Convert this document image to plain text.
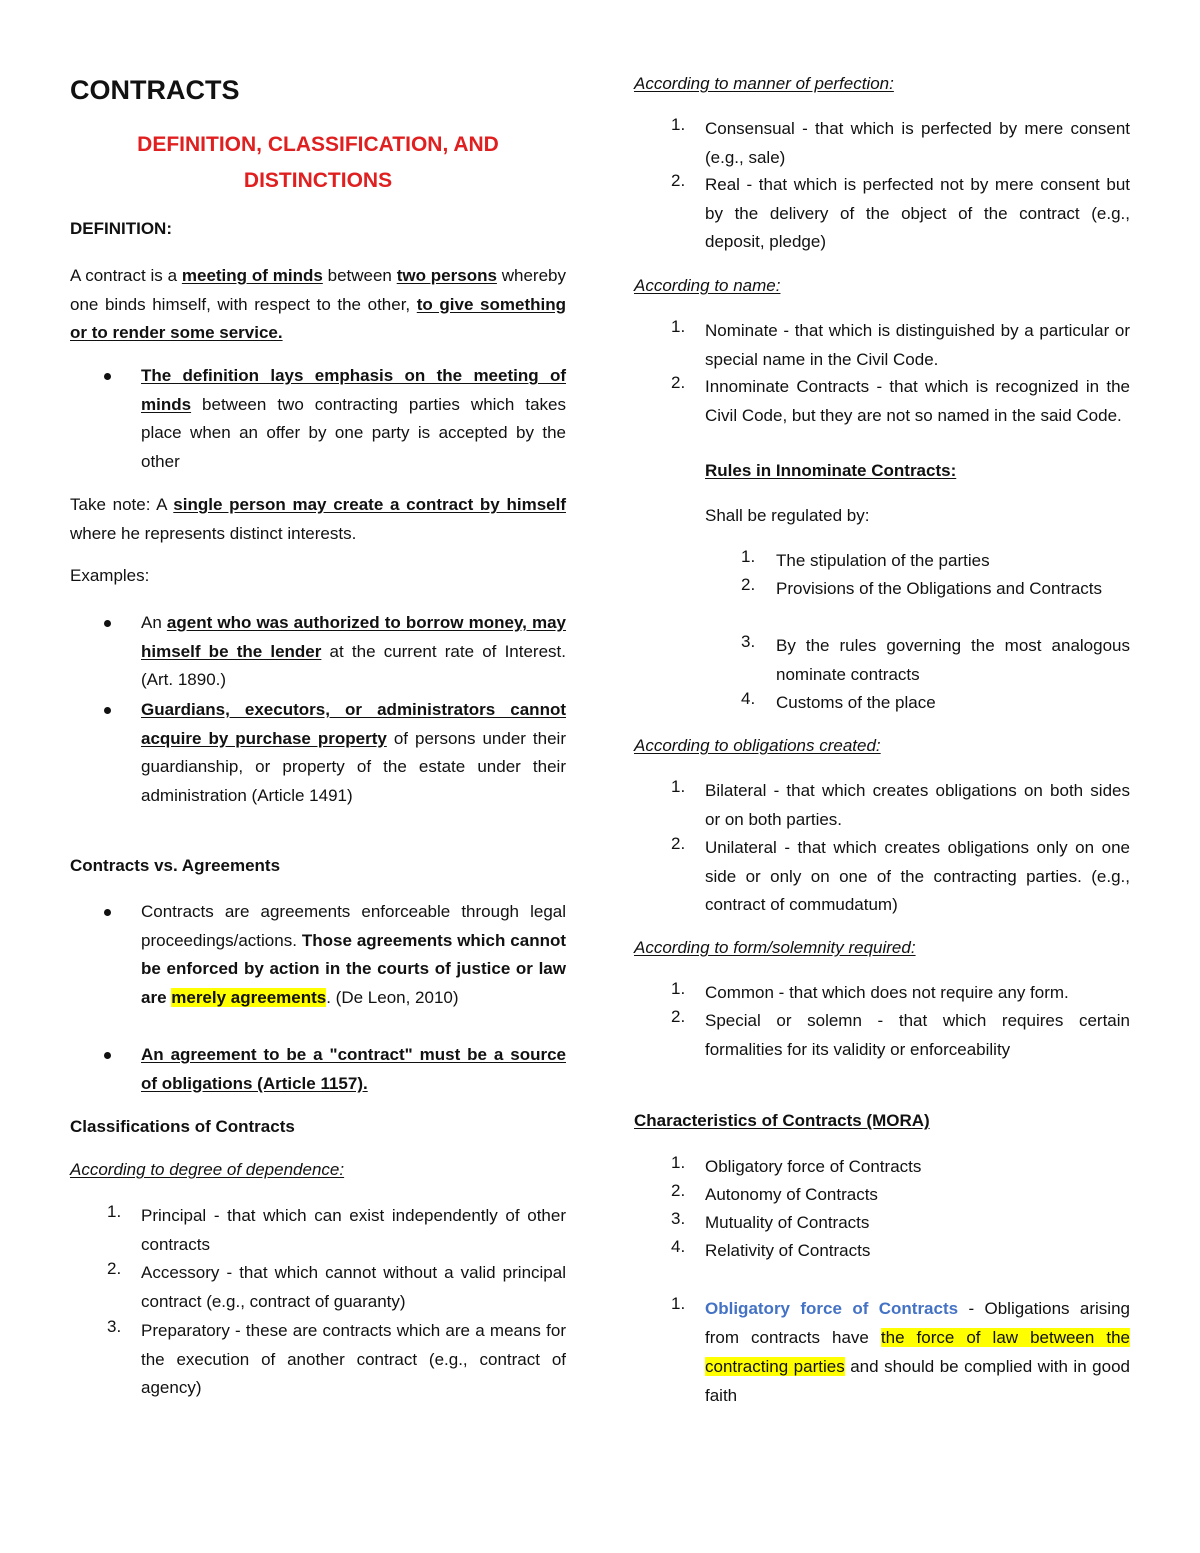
CONTRACTS
DEFINITION, CLASSIFICATION, AND
DISTINCTIONS
DEFINITION:

A contract is a meeting of minds between two persons whereby one binds himself, with respect to the other, to give something or to render some service.

The definition lays emphasis on the meeting of minds between two contracting parties which takes place when an offer by one party is accepted by the other

Take note: A single person may create a contract by himself where he represents distinct interests.

Examples:

An agent who was authorized to borrow money, may himself be the lender at the current rate of Interest. (Art. 1890.)

Guardians, executors, or administrators cannot acquire by purchase property of persons under their guardianship, or property of the estate under their administration (Article 1491)

Contracts vs. Agreements

Contracts are agreements enforceable through legal proceedings/actions. Those agreements which cannot be enforced by action in the courts of justice or law are merely agreements. (De Leon, 2010)

An agreement to be a "contract" must be a source of obligations (Article 1157).

Classifications of Contracts
According to degree of dependence:
1. Principal - that which can exist independently of other contracts

2. Accessory - that which cannot without a valid principal contract (e.g., contract of guaranty)

3. Preparatory - these are contracts which are a means for the execution of another contract (e.g., contract of agency)

According to manner of perfection:
1. Consensual - that which is perfected by mere consent (e.g., sale)

2. Real - that which is perfected not by mere consent but by the delivery of the object of the contract (e.g., deposit, pledge)

According to name:
1. Nominate - that which is distinguished by a particular or special name in the Civil Code.

2. Innominate Contracts - that which is recognized in the Civil Code, but they are not so named in the said Code.

Rules in Innominate Contracts:
Shall be regulated by:
1. The stipulation of the parties

2. Provisions of the Obligations and Contracts

3. By the rules governing the most analogous nominate contracts

4. Customs of the place

According to obligations created:
1. Bilateral - that which creates obligations on both sides or on both parties.

2. Unilateral - that which creates obligations only on one side or only on one of the contracting parties. (e.g., contract of commudatum)

According to form/solemnity required:
1. Common - that which does not require any form.

2. Special or solemn - that which requires certain formalities for its validity or enforceability

Characteristics of Contracts (MORA)
1. Obligatory force of Contracts

2. Autonomy of Contracts

3. Mutuality of Contracts

4. Relativity of Contracts

1. Obligatory force of Contracts - Obligations arising from contracts have the force of law between the contracting parties and should be complied with in good faith
